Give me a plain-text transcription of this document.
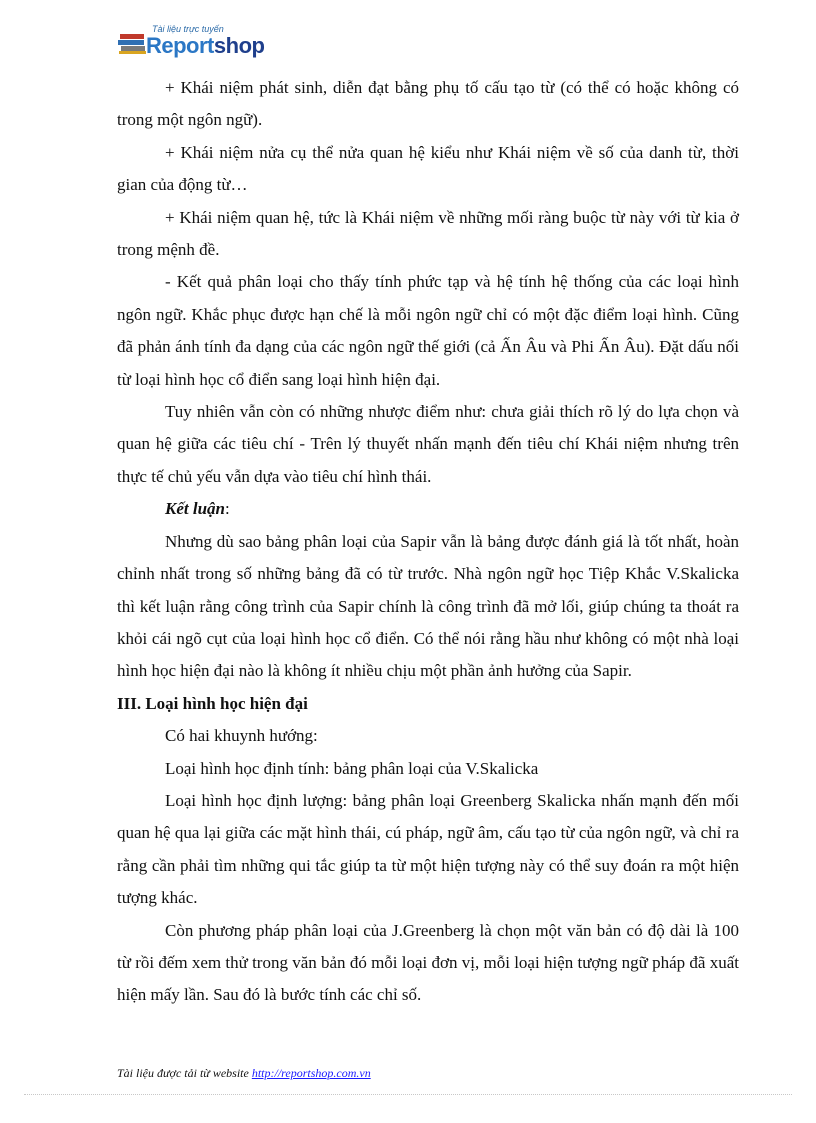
Tài liệu trực tuyến
Reportshop

+ Khái niệm phát sinh, diễn đạt bằng phụ tố cấu tạo từ (có thể có hoặc không có trong một ngôn ngữ).

+ Khái niệm nửa cụ thể nửa quan hệ kiểu như Khái niệm về số của danh từ, thời gian của động từ…

+ Khái niệm quan hệ, tức là Khái niệm về những mối ràng buộc từ này với từ kia ở trong mệnh đề.

- Kết quả phân loại cho thấy tính phức tạp và hệ tính hệ thống của các loại hình ngôn ngữ. Khắc phục được hạn chế là mỗi ngôn ngữ chỉ có một đặc điểm loại hình. Cũng đã phản ánh tính đa dạng của các ngôn ngữ thế giới (cả Ấn Âu và Phi Ấn Âu). Đặt dấu nối từ loại hình học cổ điển sang loại hình hiện đại.

Tuy nhiên vẫn còn có những nhược điểm như: chưa giải thích rõ lý do lựa chọn và quan hệ giữa các tiêu chí - Trên lý thuyết nhấn mạnh đến tiêu chí Khái niệm nhưng trên thực tế chủ yếu vẫn dựa vào tiêu chí hình thái.

Kết luận:

Nhưng dù sao bảng phân loại của Sapir vẫn là bảng được đánh giá là tốt nhất, hoàn chỉnh nhất trong số những bảng đã có từ trước. Nhà ngôn ngữ học Tiệp Khắc V.Skalicka thì kết luận rằng công trình của Sapir chính là công trình đã mở lối, giúp chúng ta thoát ra khỏi cái ngõ cụt của loại hình học cổ điển. Có thể nói rằng hầu như không có một nhà loại hình học hiện đại nào là không ít nhiều chịu một phần ảnh hưởng của Sapir.

III. Loại hình học hiện đại

Có hai khuynh hướng:

Loại hình học định tính: bảng phân loại của V.Skalicka

Loại hình học định lượng: bảng phân loại Greenberg Skalicka nhấn mạnh đến mối quan hệ qua lại giữa các mặt hình thái, cú pháp, ngữ âm, cấu tạo từ của ngôn ngữ, và chỉ ra rằng cần phải tìm những qui tắc giúp ta từ một hiện tượng này có thể suy đoán ra một hiện tượng khác.

Còn phương pháp phân loại của J.Greenberg là chọn một văn bản có độ dài là 100 từ rồi đếm xem thử trong văn bản đó mỗi loại đơn vị, mỗi loại hiện tượng ngữ pháp đã xuất hiện mấy lần. Sau đó là bước tính các chỉ số.

Tài liệu được tải từ website http://reportshop.com.vn
